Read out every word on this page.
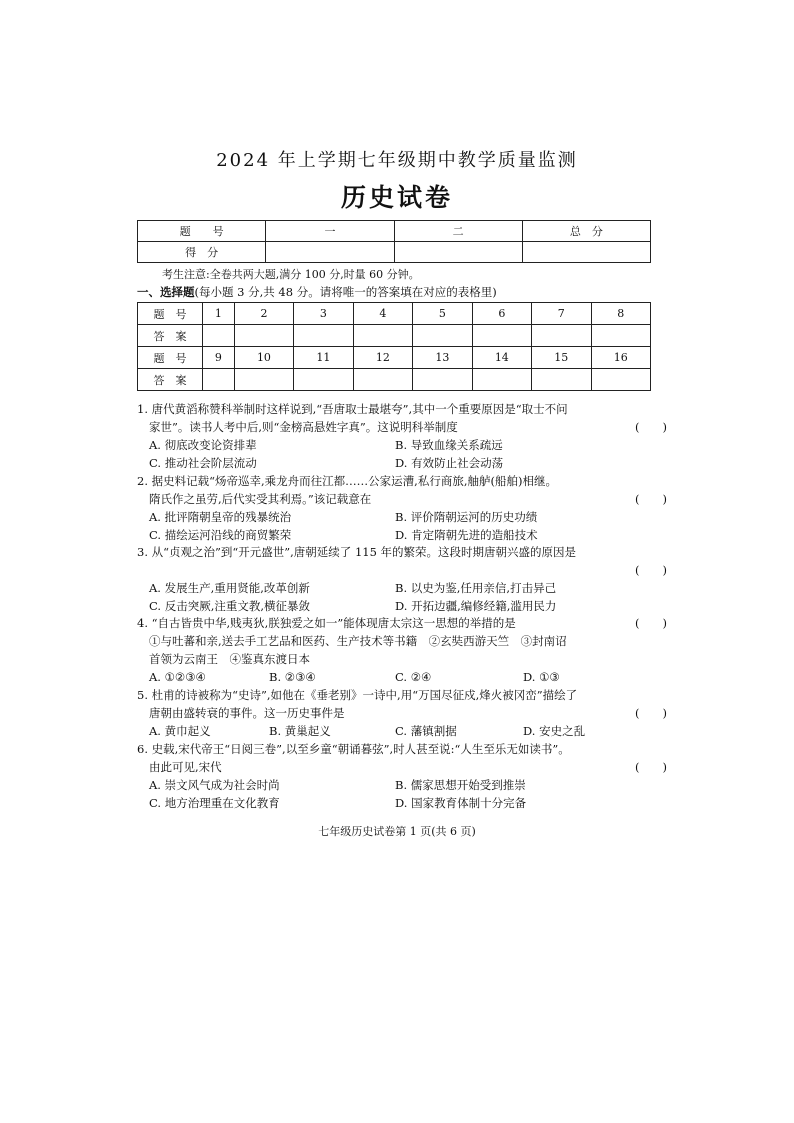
2024 年上学期七年级期中教学质量监测
历史试卷
题　　号	一	二	总　分
得　分			
考生注意:全卷共两大题,满分 100 分,时量 60 分钟。
一、选择题(每小题 3 分,共 48 分。请将唯一的答案填在对应的表格里)
题　号	1	2	3	4	5	6	7	8
答　案								
题　号	9	10	11	12	13	14	15	16
答　案								
1. 唐代黄滔称赞科举制时这样说到,“吾唐取士最堪夸”,其中一个重要原因是“取士不问
家世”。读书人考中后,则“金榜高悬姓字真”。这说明科举制度	(　　)
A. 彻底改变论资排辈	B. 导致血缘关系疏远
C. 推动社会阶层流动	D. 有效防止社会动荡
2. 据史料记载“炀帝巡幸,乘龙舟而往江都……公家运漕,私行商旅,舳舻(船舶)相继。
隋氏作之虽劳,后代实受其利焉。”该记载意在	(　　)
A. 批评隋朝皇帝的残暴统治	B. 评价隋朝运河的历史功绩
C. 描绘运河沿线的商贸繁荣	D. 肯定隋朝先进的造船技术
3. 从“贞观之治”到“开元盛世”,唐朝延续了 115 年的繁荣。这段时期唐朝兴盛的原因是
(　　)
A. 发展生产,重用贤能,改革创新	B. 以史为鉴,任用亲信,打击异己
C. 反击突厥,注重文教,横征暴敛	D. 开拓边疆,编修经籍,滥用民力
4. “自古皆贵中华,贱夷狄,朕独爱之如一”能体现唐太宗这一思想的举措的是	(　　)
①与吐蕃和亲,送去手工艺品和医药、生产技术等书籍　②玄奘西游天竺　③封南诏
首领为云南王　④鉴真东渡日本
A. ①②③④	B. ②③④	C. ②④	D. ①③
5. 杜甫的诗被称为“史诗”,如他在《垂老别》一诗中,用“万国尽征戍,烽火被冈峦”描绘了
唐朝由盛转衰的事件。这一历史事件是	(　　)
A. 黄巾起义	B. 黄巢起义	C. 藩镇割据	D. 安史之乱
6. 史载,宋代帝王“日阅三卷”,以至乡童“朝诵暮弦”,时人甚至说:“人生至乐无如读书”。
由此可见,宋代	(　　)
A. 崇文风气成为社会时尚	B. 儒家思想开始受到推崇
C. 地方治理重在文化教育	D. 国家教育体制十分完备
七年级历史试卷第 1 页(共 6 页)
